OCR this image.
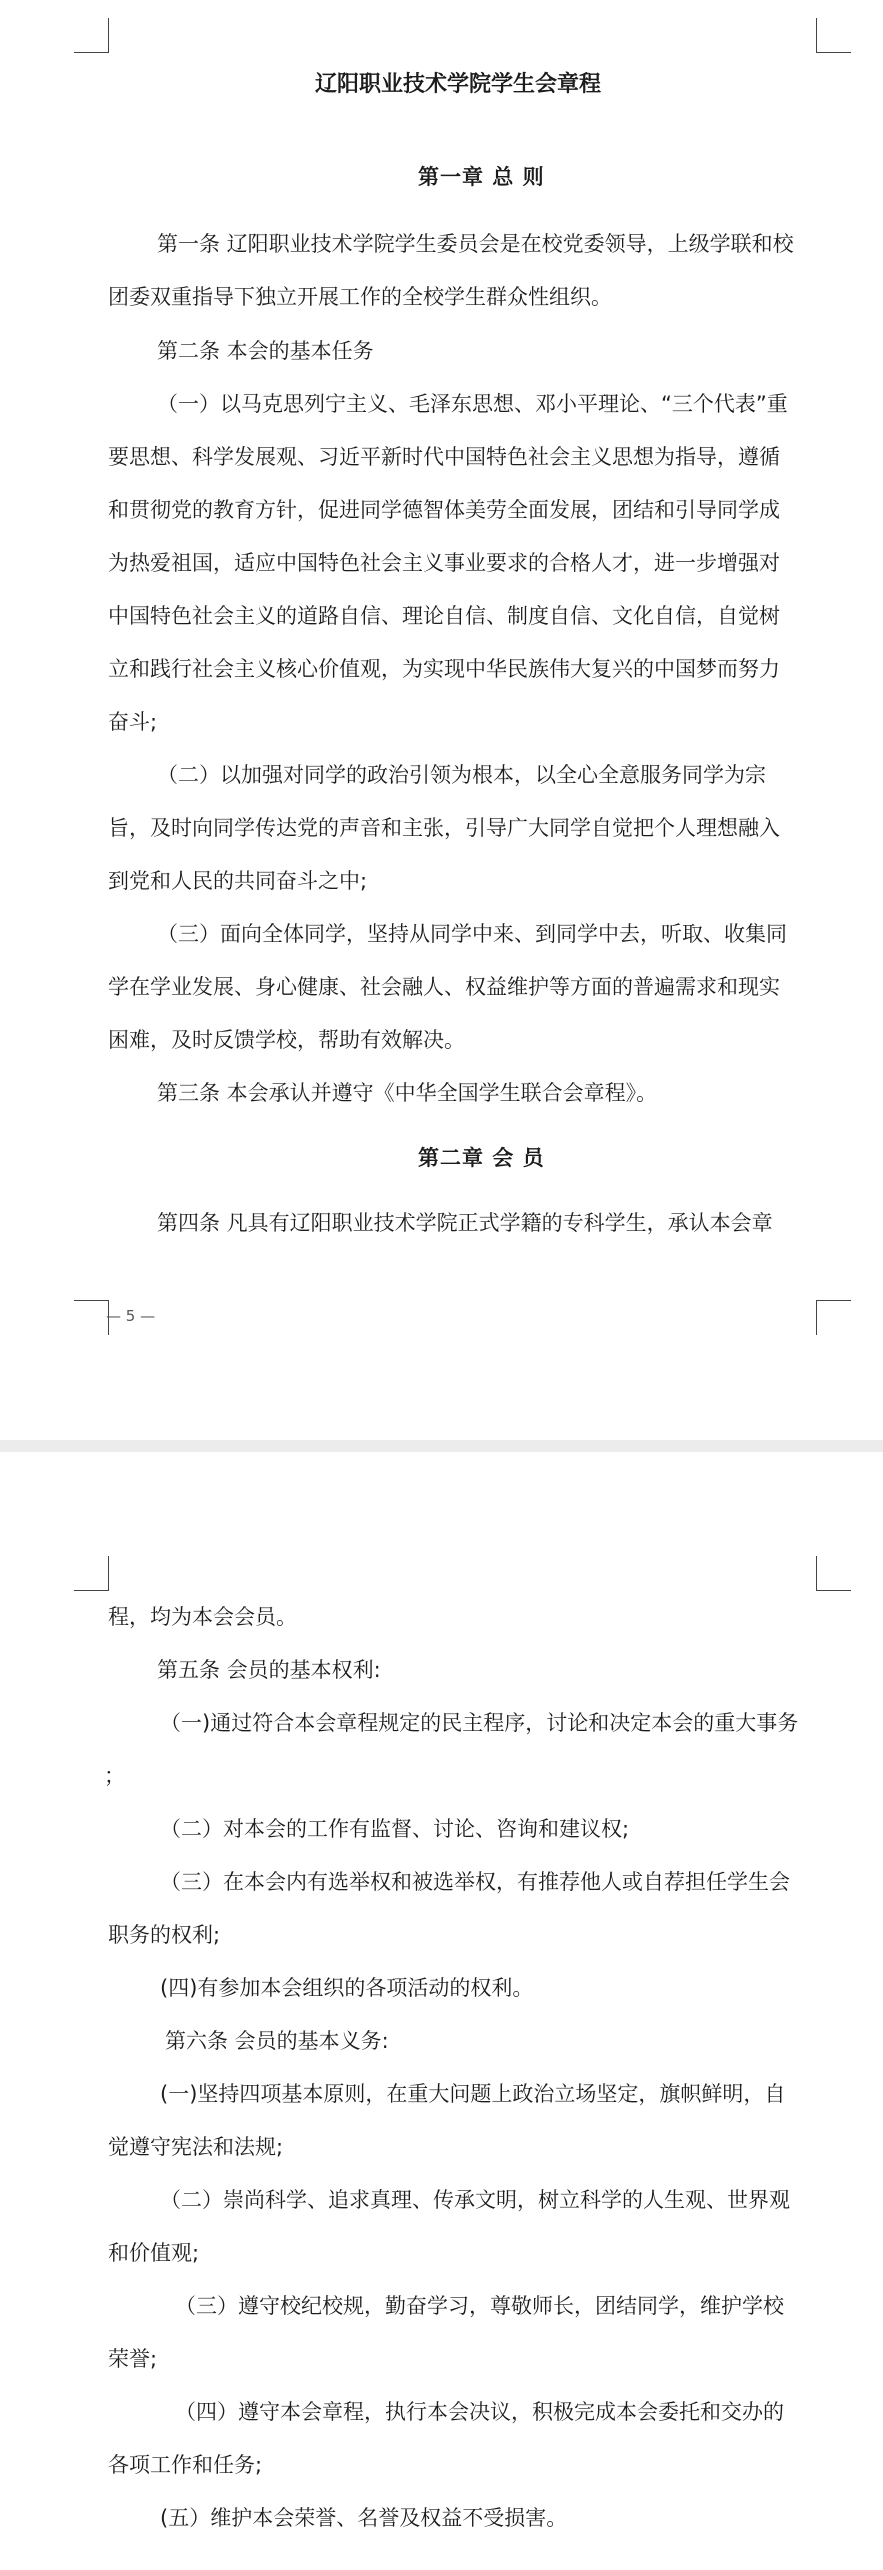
辽阳职业技术学院学生会章程
第一章 总 则
第一条 辽阳职业技术学院学生委员会是在校党委领导，上级学联和校
团委双重指导下独立开展工作的全校学生群众性组织。
第二条 本会的基本任务
（一）以马克思列宁主义、毛泽东思想、邓小平理论、“三个代表”重
要思想、科学发展观、习近平新时代中国特色社会主义思想为指导，遵循
和贯彻党的教育方针，促进同学德智体美劳全面发展，团结和引导同学成
为热爱祖国，适应中国特色社会主义事业要求的合格人才，进一步增强对
中国特色社会主义的道路自信、理论自信、制度自信、文化自信，自觉树
立和践行社会主义核心价值观，为实现中华民族伟大复兴的中国梦而努力
奋斗;
（二）以加强对同学的政治引领为根本，以全心全意服务同学为宗
旨，及时向同学传达党的声音和主张，引导广大同学自觉把个人理想融入
到党和人民的共同奋斗之中;
（三）面向全体同学，坚持从同学中来、到同学中去，听取、收集同
学在学业发展、身心健康、社会融人、权益维护等方面的普遍需求和现实
困难，及时反馈学校，帮助有效解决。
第三条 本会承认并遵守《中华全国学生联合会章程》。
第二章 会 员
第四条 凡具有辽阳职业技术学院正式学籍的专科学生，承认本会章
— 5 —
程，均为本会会员。
第五条 会员的基本权利:
（一)通过符合本会章程规定的民主程序，讨论和决定本会的重大事务
；
（二）对本会的工作有监督、讨论、咨询和建议权;
（三）在本会内有选举权和被选举权，有推荐他人或自荐担任学生会
职务的权利;
(四)有参加本会组织的各项活动的权利。
第六条 会员的基本义务:
(一)坚持四项基本原则，在重大问题上政治立场坚定，旗帜鲜明，自
觉遵守宪法和法规;
（二）崇尚科学、追求真理、传承文明，树立科学的人生观、世界观
和价值观;
（三）遵守校纪校规，勤奋学习，尊敬师长，团结同学，维护学校
荣誉;
（四）遵守本会章程，执行本会决议，积极完成本会委托和交办的
各项工作和任务;
(五）维护本会荣誉、名誉及权益不受损害。
